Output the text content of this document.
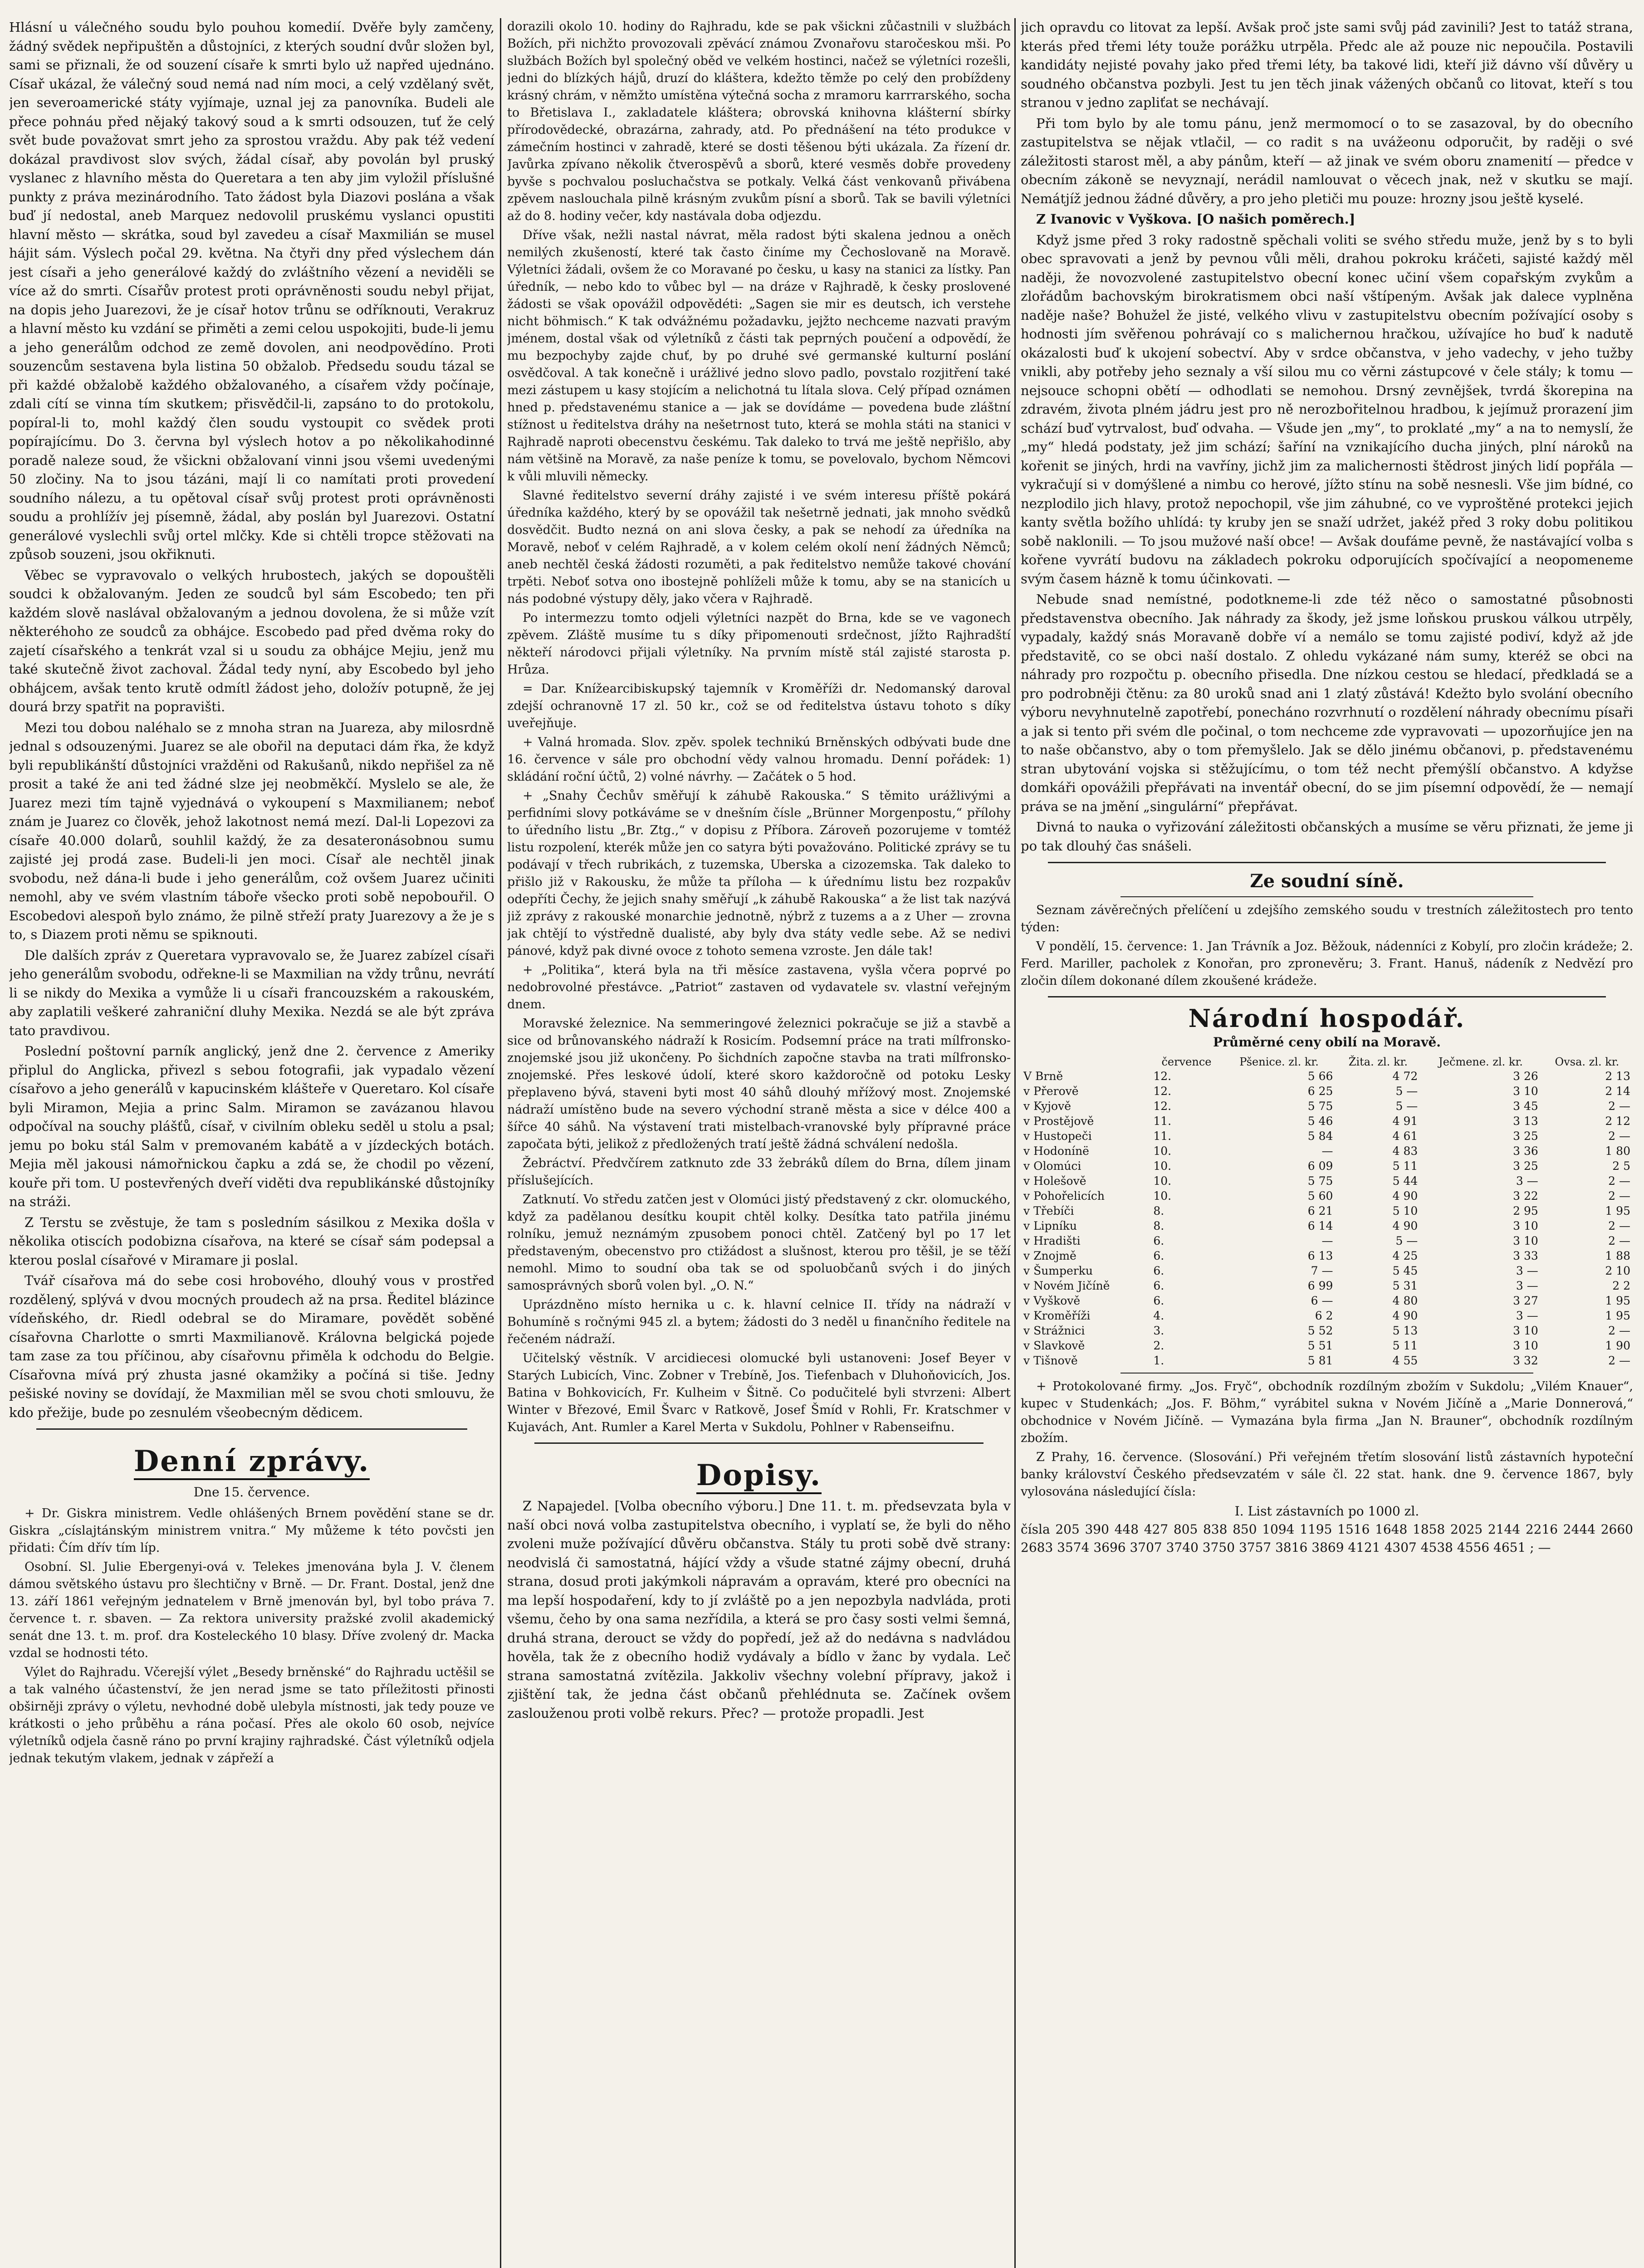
Hlásní u válečného soudu bylo pouhou komedií. Dvěře byly zamčeny, žádný svědek nepřipuštěn a důstojníci, z kterých soudní dvůr složen byl, sami se přiznali, že od souzení císaře k smrti bylo už napřed ujednáno. Císař ukázal, že válečný soud nemá nad ním moci, a celý vzdělaný svět, jen severoamerické státy vyjímaje, uznal jej za panovníka. Budeli ale přece pohnáu před nějaký takový soud a k smrti odsouzen, tuť že celý svět bude považovat smrt jeho za sprostou vraždu. Aby pak též vedení dokázal pravdivost slov svých, žádal císař, aby povolán byl pruský vyslanec z hlavního města do Queretara a ten aby jim vyložil příslušné punkty z práva mezinárodního. Tato žádost byla Diazovi poslána a však buď jí nedostal, aneb Marquez nedovolil pruskému vyslanci opustiti hlavní město — skrátka, soud byl zavedeu a císař Maxmilián se musel hájit sám. Výslech počal 29. května. Na čtyři dny před výslechem dán jest císaři a jeho generálové každý do zvláštního vězení a neviděli se více až do smrti. Císařův protest proti oprávněnosti soudu nebyl přijat, na dopis jeho Juarezovi, že je císař hotov trůnu se odříknouti, Verakruz a hlavní město ku vzdání se přiměti a zemi celou uspokojiti, bude-li jemu a jeho generálům odchod ze země dovolen, ani neodpovědíno. Proti souzencům sestavena byla listina 50 obžalob. Předsedu soudu tázal se při každé obžalobě každého obžalovaného, a císařem vždy počínaje, zdali cítí se vinna tím skutkem; přisvědčil-li, zapsáno to do protokolu, popíral-li to, mohl každý člen soudu vystoupit co svědek proti popírajícímu. Do 3. června byl výslech hotov a po několikahodinné poradě naleze soud, že všickni obžalovaní vinni jsou všemi uvedenými 50 zločiny. Na to jsou tázáni, mají li co namítati proti provedení soudního nálezu, a tu opětoval císař svůj protest proti oprávněnosti soudu a prohlížív jej písemně, žádal, aby poslán byl Juarezovi. Ostatní generálové vyslechli svůj ortel mlčky. Kde si chtěli tropce stěžovati na způsob souzeni, jsou okřiknuti.

Věbec se vypravovalo o velkých hrubostech, jakých se dopouštěli soudci k obžalovaným. Jeden ze soudců byl sám Escobedo; ten při každém slově naslával obžalovaným a jednou dovolena, že si může vzít některéhoho ze soudců za obhájce. Escobedo pad před dvěma roky do zajetí císařského a tenkrát vzal si u soudu za obhájce Mejiu, jenž mu také skutečně život zachoval. Žádal tedy nyní, aby Escobedo byl jeho obhájcem, avšak tento krutě odmítl žádost jeho, doložív potupně, že jej dourá brzy spatřit na popravišti.

Mezi tou dobou naléhalo se z mnoha stran na Juareza, aby milosrdně jednal s odsouzenými. Juarez se ale obořil na deputaci dám řka, že když byli republikánští důstojníci vražděni od Rakušanů, nikdo nepřišel za ně prosit a také že ani ted žádné slze jej neobměkčí. Myslelo se ale, že Juarez mezi tím tajně vyjednává o vykoupení s Maxmilianem; neboť znám je Juarez co člověk, jehož lakotnost nemá mezí. Dal-li Lopezovi za císaře 40.000 dolarů, souhlil každý, že za desateronásobnou sumu zajisté jej prodá zase. Budeli-li jen moci. Císař ale nechtěl jinak svobodu, než dána-li bude i jeho generálům, což ovšem Juarez učiniti nemohl, aby ve svém vlastním táboře všecko proti sobě nepobouřil. O Escobedovi alespoň bylo známo, že pilně střeží praty Juarezovy a že je s to, s Diazem proti němu se spiknouti.

Dle dalších zpráv z Queretara vypravovalo se, že Juarez zabízel císaři jeho generálům svobodu, odřekne-li se Maxmilian na vždy trůnu, nevrátí li se nikdy do Mexika a vymůže li u císaři francouzském a rakouském, aby zaplatili veškeré zahraniční dluhy Mexika. Nezdá se ale být zpráva tato pravdivou.

Poslední poštovní parník anglický, jenž dne 2. července z Ameriky připlul do Anglicka, přivezl s sebou fotografii, jak vypadalo vězení císařovo a jeho generálů v kapucinském klášteře v Queretaro. Kol císaře byli Miramon, Mejia a princ Salm. Miramon se zavázanou hlavou odpočíval na souchy plášťů, císař, v civilním obleku seděl u stolu a psal; jemu po boku stál Salm v premovaném kabátě a v jízdeckých botách. Mejia měl jakousi námořnickou čapku a zdá se, že chodil po vězení, kouře při tom. U postevřených dveří viděti dva republikánské důstojníky na stráži.

Z Terstu se zvěstuje, že tam s posledním sásilkou z Mexika došla v několika otiscích podobizna císařova, na které se císař sám podepsal a kterou poslal císařové v Miramare ji poslal.

Tvář císařova má do sebe cosi hrobového, dlouhý vous v prostřed rozdělený, splývá v dvou mocných proudech až na prsa. Ředitel blázince vídeňského, dr. Riedl odebral se do Miramare, povědět soběné císařovna Charlotte o smrti Maxmilianově. Královna belgická pojede tam zase za tou příčinou, aby císařovnu přiměla k odchodu do Belgie. Císařovna mívá prý zhusta jasné okamžiky a počíná si tiše. Jedny pešiské noviny se dovídají, že Maxmilian měl se svou choti smlouvu, že kdo přežije, bude po zesnulém všeobecným dědicem.

Denní zprávy.
Dne 15. července.

+ Dr. Giskra ministrem. Vedle ohlášených Brnem povědění stane se dr. Giskra „císlajtánským ministrem vnitra.“ My můžeme k této povčsti jen přidati: Čím dřív tím líp.

Osobní. Sl. Julie Ebergenyi-ová v. Telekes jmenována byla J. V. členem dámou světského ústavu pro šlechtičny v Brně. — Dr. Frant. Dostal, jenž dne 13. září 1861 veřejným jednatelem v Brně jmenován byl, byl tobo práva 7. července t. r. sbaven. — Za rektora university pražské zvolil akademický senát dne 13. t. m. prof. dra Kosteleckého 10 blasy. Dříve zvolený dr. Macka vzdal se hodnosti této.

Výlet do Rajhradu. Včerejší výlet „Besedy brněnské“ do Rajhradu uctěšil se a tak valného účastenství, že jen nerad jsme se tato příležitosti přinosti obširněji zprávy o výletu, nevhodné době ulebyla místnosti, jak tedy pouze ve krátkosti o jeho průběhu a rána počasí. Přes ale okolo 60 osob, nejvíce výletníků odjela časně ráno po první krajiny rajhradské. Část výletníků odjela jednak tekutým vlakem, jednak v zápřeží a

dorazili okolo 10. hodiny do Rajhradu, kde se pak všickni zůčastnili v službách Božích, při nichžto provozovali zpěvácí známou Zvonařovu staročeskou mši. Po službách Božích byl společný oběd ve velkém hostinci, načež se výletníci rozešli, jedni do blízkých hájů, druzí do kláštera, kdežto těmže po celý den probíždeny krásný chrám, v němžto umístěna výtečná socha z mramoru karrrarského, socha to Břetislava I., zakladatele kláštera; obrovská knihovna klášterní sbírky přírodovědecké, obrazárna, zahrady, atd. Po přednášení na této produkce v zámečním hostinci v zahradě, které se dosti těšenou býti ukázala. Za řízení dr. Javůrka zpívano několik čtverospěvů a sborů, které vesměs dobře provedeny byvše s pochvalou posluchačstva se potkaly. Velká část venkovanů přivábena zpěvem naslouchala pilně krásným zvukům písní a sborů. Tak se bavili výletníci až do 8. hodiny večer, kdy nastávala doba odjezdu.

Dříve však, nežli nastal návrat, měla radost býti skalena jednou a oněch nemilých zkušeností, které tak často činíme my Čechoslovaně na Moravě. Výletníci žádali, ovšem že co Moravané po česku, u kasy na stanici za lístky. Pan úředník, — nebo kdo to vůbec byl — na dráze v Rajhradě, k česky proslovené žádosti se však opovážil odpovědéti: „Sagen sie mir es deutsch, ich verstehe nicht böhmisch.“ K tak odvážnému požadavku, jejžto nechceme nazvati pravým jménem, dostal však od výletníků z části tak peprných poučení a odpovědí, že mu bezpochyby zajde chuť, by po druhé své germanské kulturní poslání osvědčoval. A tak konečně i urážlivé jedno slovo padlo, povstalo rozjitření také mezi zástupem u kasy stojícím a nelichotná tu lítala slova. Celý případ oznámen hned p. představenému stanice a — jak se dovídáme — povedena bude zláštní stížnost u ředitelstva dráhy na nešetrnost tuto, která se mohla státi na stanici v Rajhradě naproti obecenstvu českému. Tak daleko to trvá me ještě nepřišlo, aby nám většině na Moravě, za naše peníze k tomu, se povelovalo, bychom Němcovi k vůli mluvili německy.

Slavné ředitelstvo severní dráhy zajisté i ve svém interesu příště pokárá úředníka každého, který by se opovážil tak nešetrně jednati, jak mnoho svědků dosvědčit. Budto nezná on ani slova česky, a pak se nehodí za úředníka na Moravě, neboť v celém Rajhradě, a v kolem celém okolí není žádných Němců; aneb nechtěl česká žádosti rozuměti, a pak ředitelstvo nemůže takové chování trpěti. Neboť sotva ono ibostejně pohlíželi může k tomu, aby se na stanicích u nás podobné výstupy děly, jako včera v Rajhradě.

Po intermezzu tomto odjeli výletníci nazpět do Brna, kde se ve vagonech zpěvem. Zláště musíme tu s díky připomenouti srdečnost, jížto Rajhradští někteří národovci přijali výletníky. Na prvním místě stál zajisté starosta p. Hrůza.

= Dar. Knížearcibiskupský tajemník v Kroměříži dr. Nedomanský daroval zdejší ochranovně 17 zl. 50 kr., což se od ředitelstva ústavu tohoto s díky uveřejňuje.

+ Valná hromada. Slov. zpěv. spolek technikú Brněnských odbývati bude dne 16. července v sále pro obchodní vědy valnou hromadu. Denní pořádek: 1) skládání roční účtů, 2) volné návrhy. — Začátek o 5 hod.

+ „Snahy Čechův směřují k záhubě Rakouska.“ S těmito urážlivými a perfidními slovy potkáváme se v dnešním čísle „Brünner Morgenpostu,“ přílohy to úředního listu „Br. Ztg.,“ v dopisu z Příbora. Zároveň pozorujeme v tomtéž listu rozpolení, kterék může jen co satyra býti považováno. Politické zprávy se tu podávají v třech rubrikách, z tuzemska, Uberska a cizozemska. Tak daleko to přišlo již v Rakousku, že může ta příloha — k úřednímu listu bez rozpakův odepříti Čechy, že jejich snahy směřují „k záhubě Rakouska“ a že list tak nazývá již zprávy z rakouské monarchie jednotně, nýbrž z tuzems a a z Uher — zrovna jak chtějí to výstředně dualisté, aby byly dva státy vedle sebe. Až se nedivi pánové, když pak divné ovoce z tohoto semena vzroste. Jen dále tak!

+ „Politika“, která byla na tři měsíce zastavena, vyšla včera poprvé po nedobrovolné přestávce. „Patriot“ zastaven od vydavatele sv. vlastní veřejným dnem.

Moravské železnice. Na semmeringové železnici pokračuje se již a stavbě a sice od brůnovanského nádraží k Rosicím. Podsemní práce na trati mílfronsko-znojemské jsou již ukončeny. Po šichdních započne stavba na trati mílfronsko-znojemské. Přes leskové údolí, které skoro každoročně od potoku Lesky přeplaveno bývá, staveni byti most 40 sáhů dlouhý mřížový most. Znojemské nádraží umístěno bude na severo východní straně města a sice v délce 400 a šířce 40 sáhů. Na výstavení trati mistelbach-vranovské byly přípravné práce započata býti, jelikož z předložených tratí ještě žádná schválení nedošla.

Žebráctví. Předvčírem zatknuto zde 33 žebráků dílem do Brna, dílem jinam příslušejících.

Zatknutí. Vo středu zatčen jest v Olomúci jistý představený z ckr. olomuckého, když za padělanou desítku koupit chtěl kolky. Desítka tato patřila jinému rolníku, jemuž neznámým zpusobem ponoci chtěl. Zatčený byl po 17 let představeným, obecenstvo pro ctižádost a slušnost, kterou pro těšil, je se těží nemohl. Mimo to soudní oba tak se od spoluobčanů svých i do jiných samosprávných sborů volen byl. „O. N.“

Uprázdněno místo hernika u c. k. hlavní celnice II. třídy na nádraží v Bohumíně s ročnými 945 zl. a bytem; žádosti do 3 neděl u finančního ředitele na řečeném nádraží.

Učitelský věstník. V arcidiecesi olomucké byli ustanoveni: Josef Beyer v Starých Lubicích, Vinc. Zobner v Trebíně, Jos. Tiefenbach v Dluhoňovicích, Jos. Batina v Bohkovicích, Fr. Kulheim v Šitně. Co podučitelé byli stvrzeni: Albert Winter v Březové, Emil Švarc v Ratkově, Josef Šmíd v Rohli, Fr. Kratschmer v Kujavách, Ant. Rumler a Karel Merta v Sukdolu, Pohlner v Rabenseifnu.

Dopisy.

Z Napajedel. [Volba obecního výboru.] Dne 11. t. m. předsevzata byla v naší obci nová volba zastupitelstva obecního, i vyplatí se, že byli do něho zvoleni muže požívající důvěru občanstva. Stály tu proti sobě dvě strany: neodvislá či samostatná, hájící vždy a všude statné zájmy obecní, druhá strana, dosud proti jakýmkoli nápravám a opravám, které pro obecníci na ma lepší hospodaření, kdy to jí zvláště po a jen nepozbyla nadvláda, proti všemu, čeho by ona sama nezřídila, a která se pro časy sosti velmi šemná, druhá strana, derouct se vždy do popředí, jež až do nedávna s nadvládou hověla, tak že z obecního hodiž vydávaly a bídlo v žanc by vydala. Leč strana samostatná zvítězila. Jakkoliv všechny volební přípravy, jakož i zjištění tak, že jedna část občanů přehlédnuta se. Začínek ovšem zaslouženou proti volbě rekurs. Přec? — protože propadli. Jest

jich opravdu co litovat za lepší. Avšak proč jste sami svůj pád zavinili? Jest to tatáž strana, kterás před třemi léty touže porážku utrpěla. Předc ale až pouze nic nepoučila. Postavili kandidáty nejisté povahy jako před třemi léty, ba takové lidi, kteří již dávno vší důvěry u soudného občanstva pozbyli. Jest tu jen těch jinak vážených občanů co litovat, kteří s tou stranou v jedno zapliťat se nechávají.

Při tom bylo by ale tomu pánu, jenž mermomocí o to se zasazoval, by do obecního zastupitelstva se nějak vtlačil, — co radit s na uvážeonu odporučit, by raději o své záležitosti starost měl, a aby pánům, kteří — až jinak ve svém oboru znamenití — předce v obecním zákoně se nevyznají, nerádil namlouvat o věcech jnak, než v skutku se mají. Nemátjíž jednou žádné důvěry, a pro jeho pletiči mu pouze: hrozny jsou ještě kyselé.

Z Ivanovic v Vyškova. [O našich poměrech.]

Když jsme před 3 roky radostně spěchali voliti se svého středu muže, jenž by s to byli obec spravovati a jenž by pevnou vůli měli, drahou pokroku kráčeti, sajisté každý měl naději, že novozvolené zastupitelstvo obecní konec učiní všem copařským zvykům a zlořádům bachovským birokratismem obci naší vštípeným. Avšak jak dalece vyplněna naděje naše? Bohužel že jisté, velkého vlivu v zastupitelstvu obecním požívající osoby s hodnosti jím svěřenou pohrávají co s malichernou hračkou, užívajíce ho buď k nadutě okázalosti buď k ukojení sobectví. Aby v srdce občanstva, v jeho vadechy, v jeho tužby vnikli, aby potřeby jeho seznaly a vší silou mu co věrni zástupcové v čele stály; k tomu — nejsouce schopni obětí — odhodlati se nemohou. Drsný zevnějšek, tvrdá škorepina na zdravém, života plném jádru jest pro ně nerozbořitelnou hradbou, k jejímuž prorazení jim schází buď vytrvalost, buď odvaha. — Všude jen „my“, to proklaté „my“ a na to nemyslí, že „my“ hledá podstaty, jež jim schází; šaříní na vznikajícího ducha jiných, plní nároků na kořenit se jiných, hrdi na vavříny, jichž jim za malichernosti štědrost jiných lidí popřála — vykračují si v domýšlené a nimbu co herové, jížto stínu na sobě nesnesli. Vše jim bídné, co nezplodilo jich hlavy, protož nepochopil, vše jim záhubné, co ve vyproštěné protekci jejich kanty světla božího uhlídá: ty kruby jen se snaží udržet, jakéž před 3 roky dobu politikou sobě naklonili. — To jsou mužové naší obce! — Avšak doufáme pevně, že nastávající volba s kořene vyvrátí budovu na základech pokroku odporujících spočívající a neopomeneme svým časem házně k tomu účinkovati. —

Nebude snad nemístné, podotkneme-li zde též něco o samostatné působnosti představenstva obecního. Jak náhrady za škody, jež jsme loňskou pruskou válkou utrpěly, vypadaly, každý snás Moravaně dobře ví a nemálo se tomu zajisté podiví, když až jde představitě, co se obci naší dostalo. Z ohledu vykázané nám sumy, kteréž se obci na náhrady pro rozpočtu p. obecního přisedla. Dne nízkou cestou se hledací, předkladá se a pro podrobněji čtěnu: za 80 uroků snad ani 1 zlatý zůstává! Kdežto bylo svolání obecního výboru nevyhnutelně zapotřebí, ponecháno rozvrhnutí o rozdělení náhrady obecnímu písaři a jak si tento při svém dle počinal, o tom nechceme zde vypravovati — upozorňujíce jen na to naše občanstvo, aby o tom přemyšlelo. Jak se dělo jinému občanovi, p. představenému stran ubytování vojska si stěžujícímu, o tom též necht přemýšlí občanstvo. A kdyžse domkáři opovážili přepřávati na inventář obecní, do se jim písemní odpovědí, že — nemají práva se na jmění „singulární“ přepřávat.

Divná to nauka o vyřizování záležitosti občanských a musíme se věru přiznati, že jeme ji po tak dlouhý čas snášeli.

Ze soudní síně.

Seznam závěrečných přelíčení u zdejšího zemského soudu v trestních záležitostech pro tento týden:

V pondělí, 15. července: 1. Jan Trávník a Joz. Běžouk, nádenníci z Kobylí, pro zločin krádeže; 2. Ferd. Mariller, pacholek z Konořan, pro zpronevěru; 3. Frant. Hanuš, nádeník z Nedvězí pro zločin dílem dokonané dílem zkoušené krádeže.

Národní hospodář.
Průměrné ceny obilí na Moravě.
	července	Pšenice. zl. kr.	Žita. zl. kr.	Ječmene. zl. kr.	Ovsa. zl. kr.
V Brně	12.	5 66	4 72	3 26	2 13
v Přerově	12.	6 25	5 —	3 10	2 14
v Kyjově	12.	5 75	5 —	3 45	2 —
v Prostějově	11.	5 46	4 91	3 13	2 12
v Hustopeči	11.	5 84	4 61	3 25	2 —
v Hodonínë	10.	—	4 83	3 36	1 80
v Olomúci	10.	6 09	5 11	3 25	2 5
v Holešově	10.	5 75	5 44	3 —	2 —
v Pohořelicích	10.	5 60	4 90	3 22	2 —
v Třebíči	8.	6 21	5 10	2 95	1 95
v Lipníku	8.	6 14	4 90	3 10	2 —
v Hradišti	6.	—	5 —	3 10	2 —
v Znojmě	6.	6 13	4 25	3 33	1 88
v Šumperku	6.	7 —	5 45	3 —	2 10
v Novém Jičíně	6.	6 99	5 31	3 —	2 2
v Vyškově	6.	6 —	4 80	3 27	1 95
v Kroměříži	4.	6 2	4 90	3 —	1 95
v Strážnici	3.	5 52	5 13	3 10	2 —
v Slavkově	2.	5 51	5 11	3 10	1 90
v Tišnově	1.	5 81	4 55	3 32	2 —

+ Protokolované firmy. „Jos. Fryč“, obchodník rozdílným zbožím v Sukdolu; „Vilém Knauer“, kupec v Studenkách; „Jos. F. Böhm,“ vyrábitel sukna v Novém Jičíně a „Marie Donnerová,“ obchodnice v Novém Jičíně. — Vymazána byla firma „Jan N. Brauner“, obchodník rozdílným zbožím.

Z Prahy, 16. července. (Slosování.) Při veřejném třetím slosování listů zástavních hypoteční banky království Českého předsevzatém v sále čl. 22 stat. hank. dne 9. července 1867, byly vylosována následující čísla:

I. List zástavních po 1000 zl.
čísla 205 390 448 427 805 838 850 1094 1195 1516 1648 1858 2025 2144 2216 2444 2660 2683 3574 3696 3707 3740 3750 3757 3816 3869 4121 4307 4538 4556 4651 ; —
